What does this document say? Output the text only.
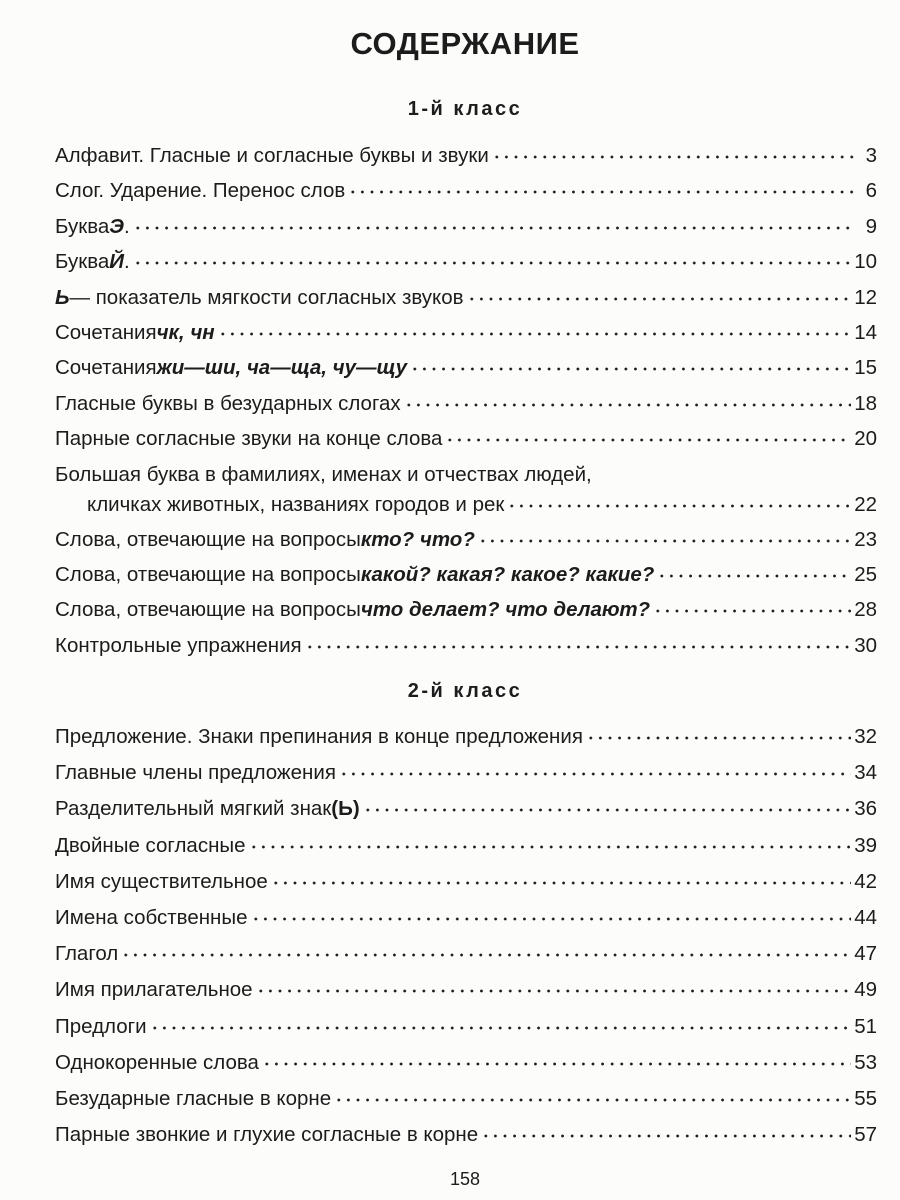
СОДЕРЖАНИЕ
1-й класс
Алфавит. Гласные и согласные буквы и звуки	3
Слог. Ударение. Перенос слов	6
Буква Э .	9
Буква Й .	10
Ь — показатель мягкости согласных звуков	12
Сочетания чк, чн	14
Сочетания жи—ши, ча—ща, чу—щу	15
Гласные буквы в безударных слогах	18
Парные согласные звуки на конце слова	20
Большая буква в фамилиях, именах и отчествах людей,
кличках животных, названиях городов и рек	22
Слова, отвечающие на вопросы кто? что?	23
Слова, отвечающие на вопросы какой? какая? какое? какие?	25
Слова, отвечающие на вопросы что делает? что делают?	28
Контрольные упражнения	30
2-й класс
Предложение. Знаки препинания в конце предложения	32
Главные члены предложения	34
Разделительный мягкий знак (Ь)	36
Двойные согласные	39
Имя существительное	42
Имена собственные	44
Глагол	47
Имя прилагательное	49
Предлоги	51
Однокоренные слова	53
Безударные гласные в корне	55
Парные звонкие и глухие согласные в корне	57
158
